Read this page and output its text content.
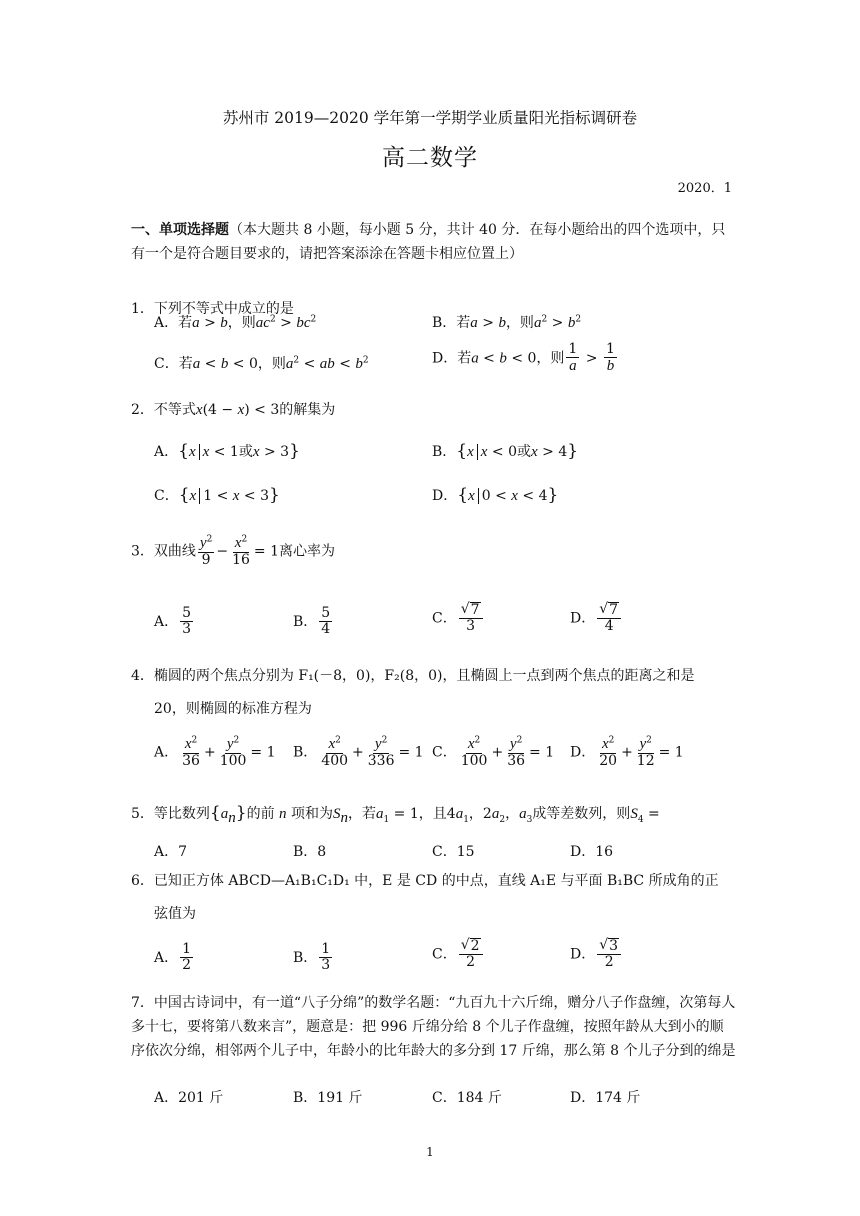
苏州市 2019—2020 学年第一学期学业质量阳光指标调研卷
高二数学
2020．1
一、单项选择题（本大题共 8 小题，每小题 5 分，共计 40 分．在每小题给出的四个选项中，只有一个是符合题目要求的，请把答案添涂在答题卡相应位置上）
1．下列不等式中成立的是
A．若a > b，则$ac^2 > bc^2$	B．若a > b，则$a^2 > b^2$
C．若a < b < 0，则$a^2$ < ab < $b^2$	D．若a < b < 0，则 $\frac{1}{a} > \frac{1}{b}$
2．不等式x(4 − x) < 3的解集为
A．{x x < 1或x > 3}	B．{x x < 0或x > 4}
C．{x 1 < x < 3}	D．{x 0 < x < 4}
3．双曲线 $\frac{y^2}{9} - \frac{x^2}{16} = 1$离心率为
A． $\frac{5}{3}$	B． $\frac{5}{4}$	C． $\frac{√ 7}{3}$	D． $\frac{√ 7}{4}$
4．椭圆的两个焦点分别为 F₁(－8，0)，F₂(8，0)，且椭圆上一点到两个焦点的距离之和是
20，则椭圆的标准方程为
A． $\frac{x^2}{36} + \frac{y^2}{100} = 1$ B． $\frac{x^2}{400} + \frac{y^2}{336} = 1$ C． $\frac{x^2}{100} + \frac{y^2}{36} = 1$ D． $\frac{x^2}{20} + \frac{y^2}{12} = 1$
5．等比数列$\{a_n\}$的前 n 项和为$S_n$，若$a_1 = 1$，且$4a_1$，$2a_2$，$a_3$成等差数列，则$S_4$ =
A．7	B．8	C．15	D．16
6．已知正方体 ABCD—A₁B₁C₁D₁ 中，E 是 CD 的中点，直线 A₁E 与平面 B₁BC 所成角的正
弦值为
A． $\frac{1}{2}$	B． $\frac{1}{3}$	C． $\frac{√ 2}{2}$	D． $\frac{√ 3}{2}$
7．中国古诗词中，有一道“八子分绵”的数学名题：“九百九十六斤绵，赠分八子作盘缠，次第每人多十七，要将第八数来言”，题意是：把 996 斤绵分给 8 个儿子作盘缠，按照年龄从大到小的顺序依次分绵，相邻两个儿子中，年龄小的比年龄大的多分到 17 斤绵，那么第 8 个儿子分到的绵是
A．201 斤	B．191 斤	C．184 斤	D．174 斤
1
